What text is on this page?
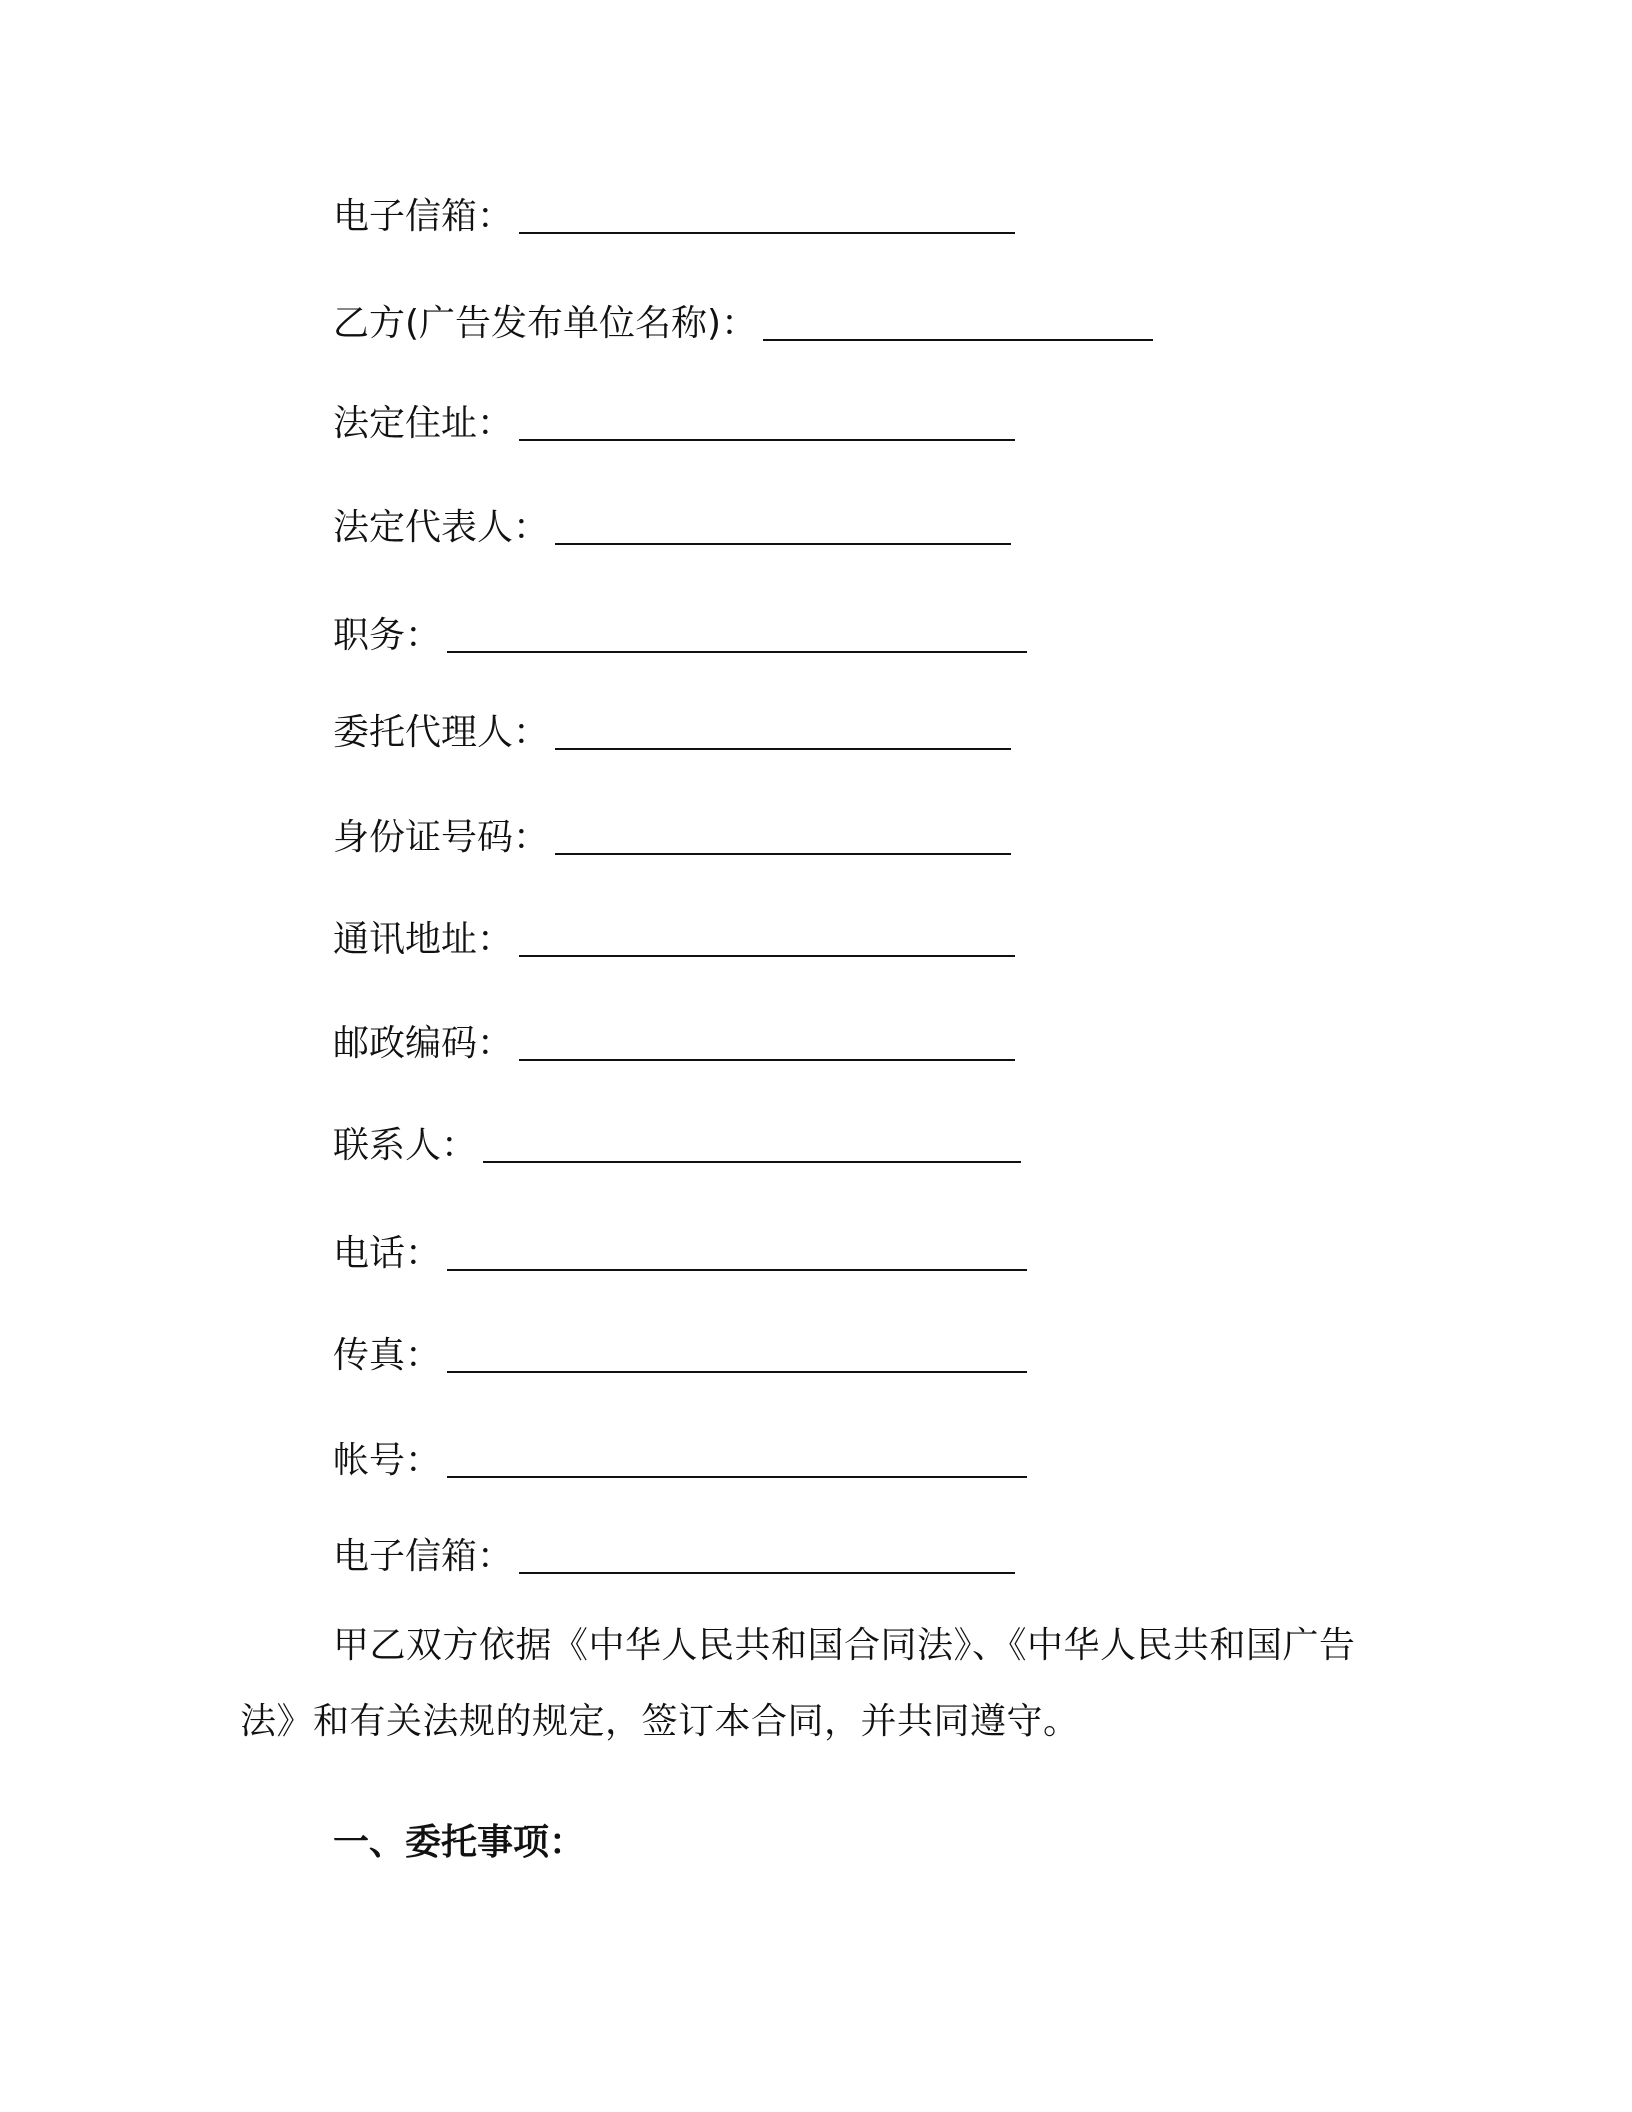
电子信箱：
乙方(广告发布单位名称)：
法定住址：
法定代表人：
职务：
委托代理人：
身份证号码：
通讯地址：
邮政编码：
联系人：
电话：
传真：
帐号：
电子信箱：

甲乙双方依据《中华人民共和国合同法》、《中华人民共和国广告法》和有关法规的规定，签订本合同，并共同遵守。

一、委托事项：
